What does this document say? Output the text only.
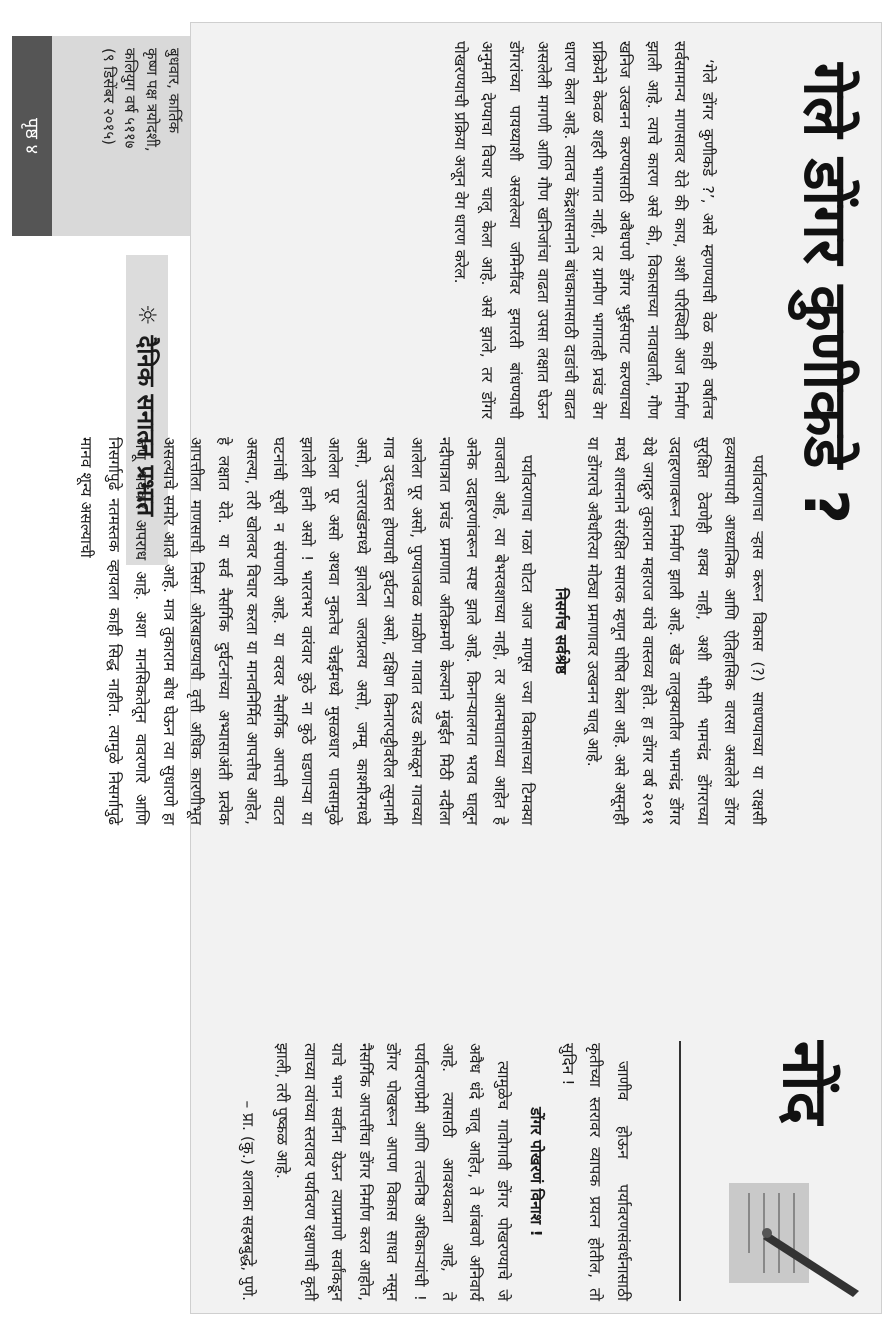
बुधवार, कार्तिक
कृष्ण पक्ष त्रयोदशी,
कलियुग वर्ष ५११७
(९ डिसेंबर २०१५)
पृष्ठ ४
☼
दैनिक सनातन प्रभात	गेले डोंगर कुणीकडे ?

‘गेले डोंगर कुणीकडे ?’, असे म्हणण्याची वेळ काही वर्षांतच सर्वसामान्य माणसावर येते की काय, अशी परिस्थिती आज निर्माण झाली आहे. त्याचे कारण असे की, विकासाच्या नावाखाली, गौण खनिज उत्खनन करण्यासाठी अवैधपणे डोंगर भुईसपाट करण्याच्या प्रक्रियेने केवळ शहरी भागात नाही, तर ग्रामीण भागातही प्रचंड वेग धारण केला आहे. त्यातच केंद्रशासनाने बांधकामासाठी दाडांची वाढत असलेली मागणी आणि गौण खनिजांचा वाढता उपसा लक्षात घेऊन डोंगरांच्या पायथ्याशी असलेल्या जमिनींवर इमारती बांधण्याची अनुमती देण्याचा विचार चालू केला आहे. असे झाले, तर डोंगर पोखरण्याची प्रक्रिया अजून वेग धारण करेल.

पर्यावरणाचा ऱ्हास करून विकास (?) साधण्याच्या या राक्षसी हव्यासापायी आध्यात्मिक आणि ऐतिहासिक वारसा असलेले डोंगर सुरक्षित ठेवणेही शक्य नाही, अशी भीती भामचंद्र डोंगराच्या उदाहरणावरून निर्माण झाली आहे. खेड तालुक्यातील भामचंद्र डोंगर येथे जगद्गुरु तुकाराम महाराज यांचे वास्तव्य होते. हा डोंगर वर्ष २०११ मध्ये शासनाने संरक्षित स्मारक म्हणून घोषित केला आहे. असे असूनही या डोंगराचे अवैधरित्या मोठ्या प्रमाणावर उत्खनन चालू आहे.

निसर्गच सर्वश्रेष्ठ

पर्यावरणाचा गळा घोटत आज माणूस ज्या विकासाच्या टिमक्या वाजवतो आहे, त्या बेभरवशाच्या नाही, तर आत्मघाताच्या आहेत हे अनेक उदाहरणांवरून स्पष्ट झाले आहे. किनाऱ्यालगत भराव घालून नदीपात्रात प्रचंड प्रमाणात अतिक्रमणे केल्याने मुंबईत मिठी नदीला आलेला पूर असो, पुण्याजवळ माळीण गावात दरड कोसळून गावच्या गाव उद्ध्वस्त होण्याची दुर्घटना असो, दक्षिण किनारपट्टीवरील त्सुनामी असो, उत्तराखंडमध्ये झालेला जलप्रलय असो, जम्मू काश्मीरमध्ये आलेला पूर असो अथवा नुकतेच चेन्नईमध्ये मुसळधार पावसामुळे झालेली हानी असो ! भारतभर वारंवार कुठे ना कुठे घडणाऱ्या या घटनांची सूची न संपणारी आहे. या वरवर नैसर्गिक आपत्ती वाटत असल्या, तरी खोलवर विचार करता या मानवनिर्मित आपत्तीच आहेत, हे लक्षात येते. या सर्व नैसर्गिक दुर्घटनांच्या अभ्यासाअंती प्रत्येक आपत्तीला माणसाची निसर्ग ओरबाडण्याची वृत्ती अधिक कारणीभूत असल्याचे समोर आले आहे. मात्र तुकाराम बोध घेऊन त्या सुधारणे हा जणू भयंकर अपराध आहे. अशा मानसिकतेतून वावरणारे आणि निसर्गापुढे नतमस्तक व्हायला काही सिद्ध नाहीत. त्यामुळे निसर्गापुढे मानव शून्य असल्याची

नोंद

जाणीव होऊन पर्यावरणसंवर्धनासाठी कृतीच्या स्तरावर व्यापक प्रयत्न होतील, तो सुदिन !

डोंगर पोखरणं विनाश !

त्यामुळेच गावोगावी डोंगर पोखरण्याचे जे अवैध धंदे चालू आहेत, ते थांबवणे अनिवार्य आहे. त्यासाठी आवश्यकता आहे, ते पर्यावरणप्रेमी आणि तत्त्वनिष्ठ अधिकाऱ्यांची ! डोंगर पोखरून आपण विकास साधत नसून नैसर्गिक आपत्तींचा डोंगर निर्माण करत आहोत, याचे भान सर्वांना येऊन त्याप्रमाणे सर्वांकडून त्याच्या त्यांच्या स्तरावर पर्यावरण रक्षणाची कृती झाली, तरी पुष्कळ आहे.

– प्रा. (कु.) शलाका सहस्रबुद्धे, पुणे.
